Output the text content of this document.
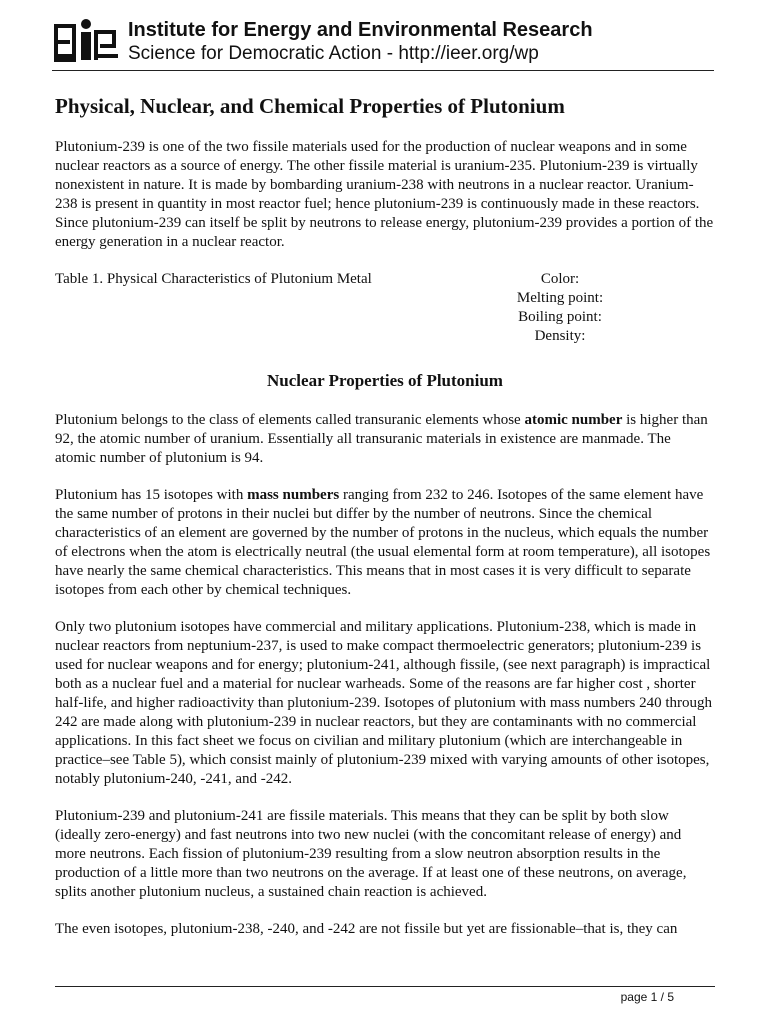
Institute for Energy and Environmental Research
Science for Democratic Action - http://ieer.org/wp
Physical, Nuclear, and Chemical Properties of Plutonium

Plutonium-239 is one of the two fissile materials used for the production of nuclear weapons and in some nuclear reactors as a source of energy. The other fissile material is uranium-235. Plutonium-239 is virtually nonexistent in nature. It is made by bombarding uranium-238 with neutrons in a nuclear reactor. Uranium-238 is present in quantity in most reactor fuel; hence plutonium-239 is continuously made in these reactors. Since plutonium-239 can itself be split by neutrons to release energy, plutonium-239 provides a portion of the energy generation in a nuclear reactor.

Table 1. Physical Characteristics of Plutonium Metal	Color:
Melting point:
Boiling point:
Density:
Nuclear Properties of Plutonium

Plutonium belongs to the class of elements called transuranic elements whose atomic number is higher than 92, the atomic number of uranium. Essentially all transuranic materials in existence are manmade. The atomic number of plutonium is 94.

Plutonium has 15 isotopes with mass numbers ranging from 232 to 246. Isotopes of the same element have the same number of protons in their nuclei but differ by the number of neutrons. Since the chemical characteristics of an element are governed by the number of protons in the nucleus, which equals the number of electrons when the atom is electrically neutral (the usual elemental form at room temperature), all isotopes have nearly the same chemical characteristics. This means that in most cases it is very difficult to separate isotopes from each other by chemical techniques.

Only two plutonium isotopes have commercial and military applications. Plutonium-238, which is made in nuclear reactors from neptunium-237, is used to make compact thermoelectric generators; plutonium-239 is used for nuclear weapons and for energy; plutonium-241, although fissile, (see next paragraph) is impractical both as a nuclear fuel and a material for nuclear warheads. Some of the reasons are far higher cost , shorter half-life, and higher radioactivity than plutonium-239. Isotopes of plutonium with mass numbers 240 through 242 are made along with plutonium-239 in nuclear reactors, but they are contaminants with no commercial applications. In this fact sheet we focus on civilian and military plutonium (which are interchangeable in practice–see Table 5), which consist mainly of plutonium-239 mixed with varying amounts of other isotopes, notably plutonium-240, -241, and -242.

Plutonium-239 and plutonium-241 are fissile materials. This means that they can be split by both slow (ideally zero-energy) and fast neutrons into two new nuclei (with the concomitant release of energy) and more neutrons. Each fission of plutonium-239 resulting from a slow neutron absorption results in the production of a little more than two neutrons on the average. If at least one of these neutrons, on average, splits another plutonium nucleus, a sustained chain reaction is achieved.

The even isotopes, plutonium-238, -240, and -242 are not fissile but yet are fissionable–that is, they can

page 1 / 5
